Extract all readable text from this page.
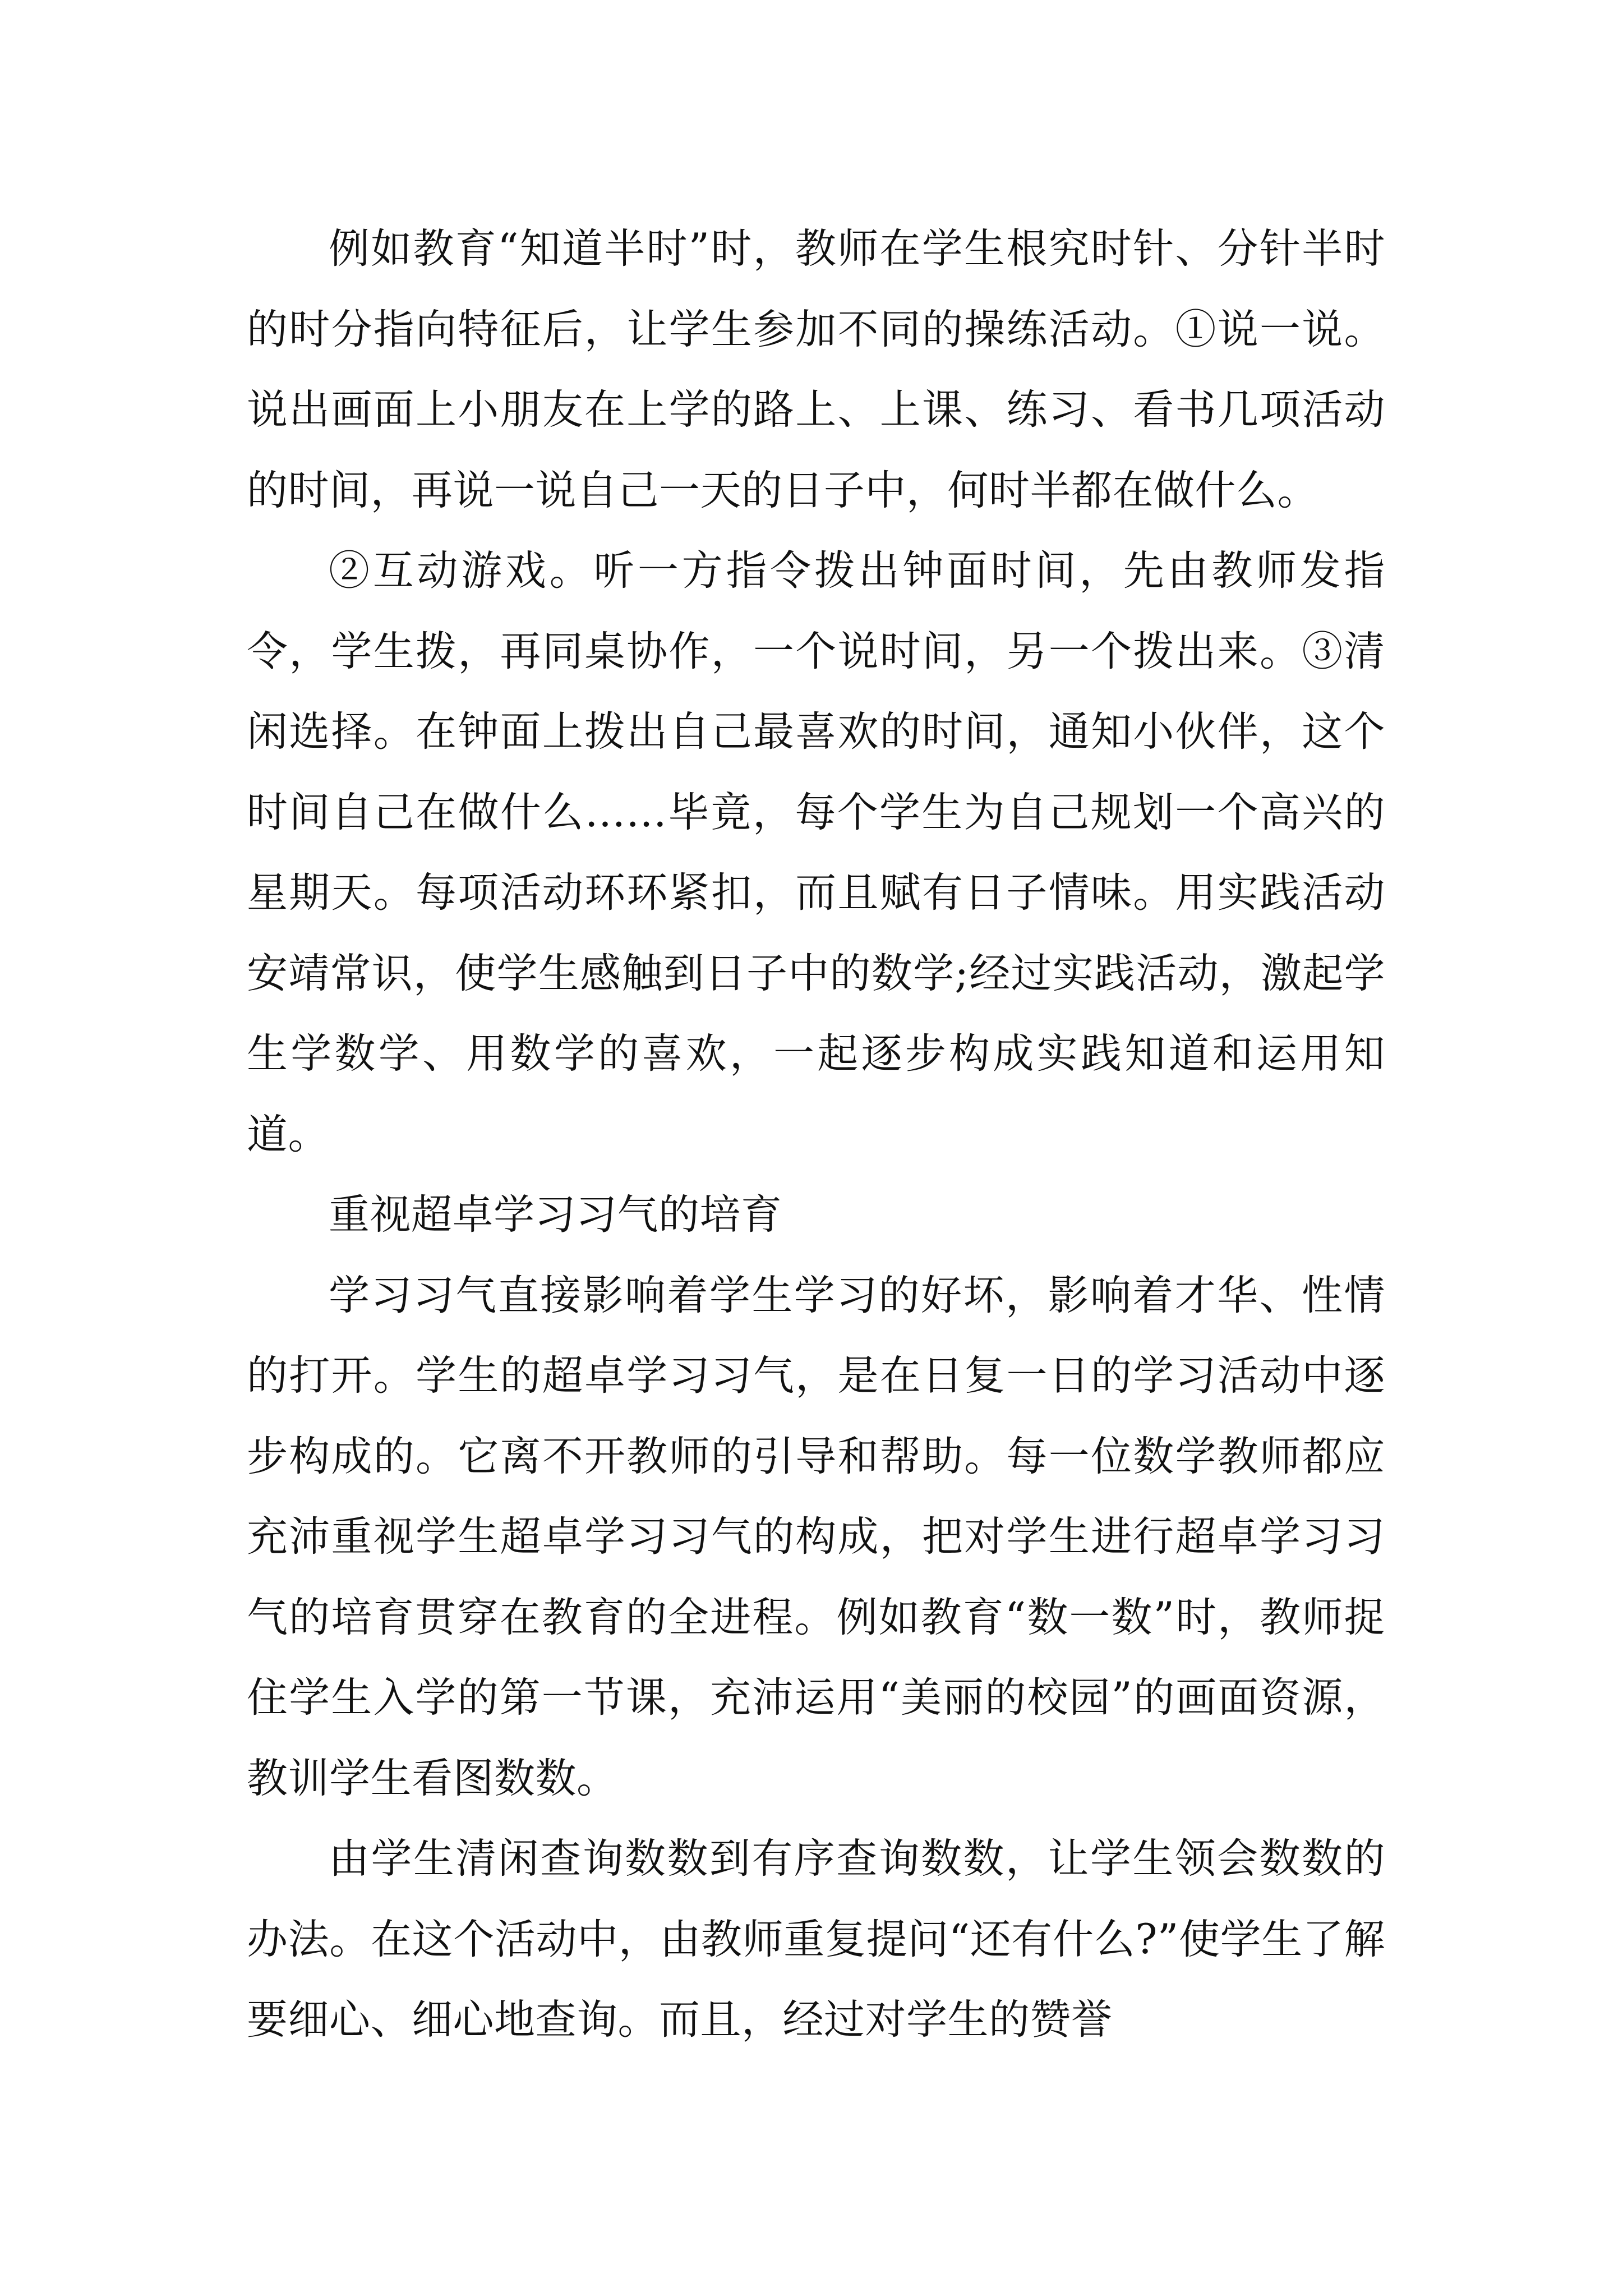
例如教育“知道半时”时，教师在学生根究时针、分针半时的时分指向特征后，让学生参加不同的操练活动。①说一说。说出画面上小朋友在上学的路上、上课、练习、看书几项活动的时间，再说一说自己一天的日子中，何时半都在做什么。

②互动游戏。听一方指令拨出钟面时间，先由教师发指令，学生拨，再同桌协作，一个说时间，另一个拨出来。③清闲选择。在钟面上拨出自己最喜欢的时间，通知小伙伴，这个时间自己在做什么……毕竟，每个学生为自己规划一个高兴的星期天。每项活动环环紧扣，而且赋有日子情味。用实践活动安靖常识，使学生感触到日子中的数学;经过实践活动，激起学生学数学、用数学的喜欢，一起逐步构成实践知道和运用知道。

重视超卓学习习气的培育

学习习气直接影响着学生学习的好坏，影响着才华、性情的打开。学生的超卓学习习气，是在日复一日的学习活动中逐步构成的。它离不开教师的引导和帮助。每一位数学教师都应充沛重视学生超卓学习习气的构成，把对学生进行超卓学习习气的培育贯穿在教育的全进程。例如教育“数一数”时，教师捉住学生入学的第一节课，充沛运用“美丽的校园”的画面资源，教训学生看图数数。

由学生清闲查询数数到有序查询数数，让学生领会数数的办法。在这个活动中，由教师重复提问“还有什么?”使学生了解要细心、细心地查询。而且，经过对学生的赞誉
